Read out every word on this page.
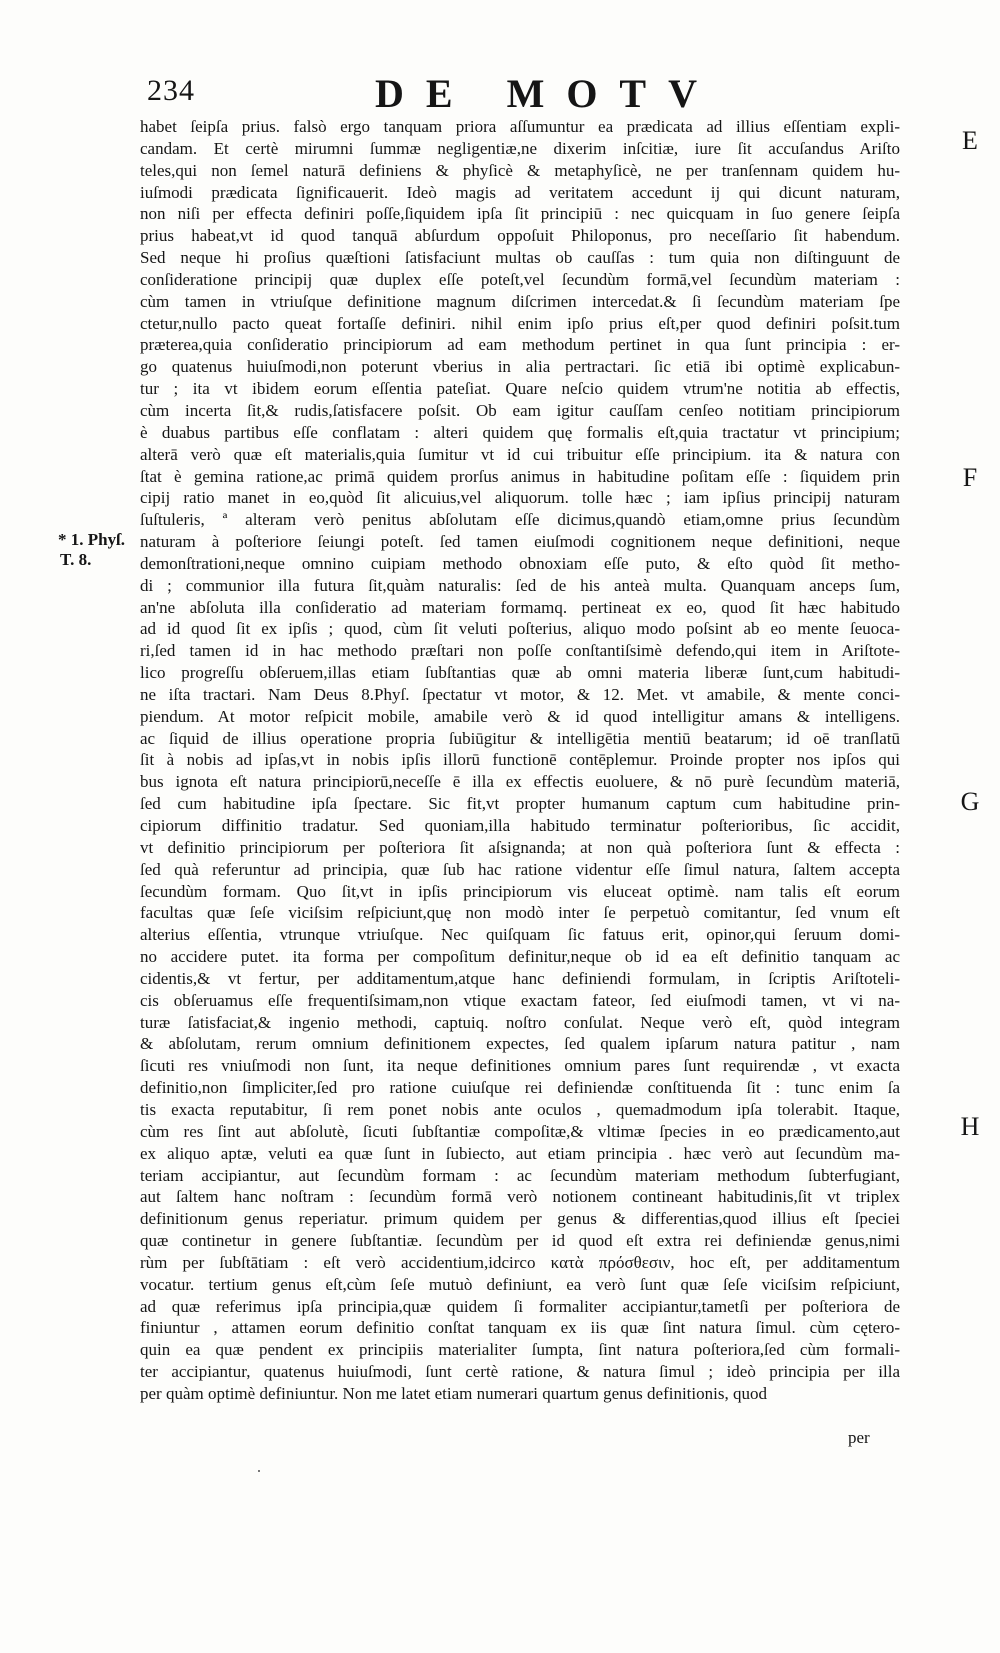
234	DE MOTV
* 1. Phyſ.
T. 8.
E
F
G
H
habet ſeipſa prius. falsò ergo tanquam priora aſſumuntur ea prædicata ad illius eſſentiam expli-
candam. Et certè mirumni ſummæ negligentiæ,ne dixerim inſcitiæ, iure ſit accuſandus Ariſto
teles,qui non ſemel naturā definiens & phyſicè & metaphyſicè, ne per tranſennam quidem hu-
iuſmodi prædicata ſignificauerit. Ideò magis ad veritatem accedunt ij qui dicunt naturam,
non niſi per effecta definiri poſſe,ſiquidem ipſa ſit principiū : nec quicquam in ſuo genere ſeipſa
prius habeat,vt id quod tanquā abſurdum oppoſuit Philoponus, pro neceſſario ſit habendum.
Sed neque hi proſius quæſtioni ſatisfaciunt multas ob cauſſas : tum quia non diſtinguunt de
conſideratione principij quæ duplex eſſe poteſt,vel ſecundùm formā,vel ſecundùm materiam :
cùm tamen in vtriuſque definitione magnum diſcrimen intercedat.& ſi ſecundùm materiam ſpe
ctetur,nullo pacto queat fortaſſe definiri. nihil enim ipſo prius eſt,per quod definiri poſsit.tum
præterea,quia conſideratio principiorum ad eam methodum pertinet in qua ſunt principia : er-
go quatenus huiuſmodi,non poterunt vberius in alia pertractari. ſic etiā ibi optimè explicabun-
tur ; ita vt ibidem eorum eſſentia pateſiat. Quare neſcio quidem vtrum'ne notitia ab effectis,
cùm incerta ſit,& rudis,ſatisfacere poſsit. Ob eam igitur cauſſam cenſeo notitiam principiorum
è duabus partibus eſſe conflatam : alteri quidem quę formalis eſt,quia tractatur vt principium;
alterā verò quæ eſt materialis,quia ſumitur vt id cui tribuitur eſſe principium. ita & natura con
ſtat è gemina ratione,ac primā quidem prorſus animus in habitudine poſitam eſſe : ſiquidem prin
cipij ratio manet in eo,quòd ſit alicuius,vel aliquorum. tolle hæc ; iam ipſius principij naturam
ſuſtuleris, ª alteram verò penitus abſolutam eſſe dicimus,quandò etiam,omne prius ſecundùm
naturam à poſteriore ſeiungi poteſt. ſed tamen eiuſmodi cognitionem neque definitioni, neque
demonſtrationi,neque omnino cuipiam methodo obnoxiam eſſe puto, & eſto quòd ſit metho-
di ; communior illa futura ſit,quàm naturalis: ſed de his anteà multa. Quanquam anceps ſum,
an'ne abſoluta illa conſideratio ad materiam formamq. pertineat ex eo, quod ſit hæc habitudo
ad id quod ſit ex ipſis ; quod, cùm ſit veluti poſterius, aliquo modo poſsint ab eo mente ſeuoca-
ri,ſed tamen id in hac methodo præſtari non poſſe conſtantiſsimè defendo,qui item in Ariſtote-
lico progreſſu obſeruem,illas etiam ſubſtantias quæ ab omni materia liberæ ſunt,cum habitudi-
ne iſta tractari. Nam Deus 8.Phyſ. ſpectatur vt motor, & 12. Met. vt amabile, & mente conci-
piendum. At motor reſpicit mobile, amabile verò & id quod intelligitur amans & intelligens.
ac ſiquid de illius operatione propria ſubiūgitur & intelligētia mentiū beatarum; id oē tranſlatū
ſit à nobis ad ipſas,vt in nobis ipſis illorū functionē contēplemur. Proinde propter nos ipſos qui
bus ignota eſt natura principiorū,neceſſe ē illa ex effectis euoluere, & nō purè ſecundùm materiā,
ſed cum habitudine ipſa ſpectare. Sic fit,vt propter humanum captum cum habitudine prin-
cipiorum diffinitio tradatur. Sed quoniam,illa habitudo terminatur poſterioribus, ſic accidit,
vt definitio principiorum per poſteriora ſit aſsignanda; at non quà poſteriora ſunt & effecta :
ſed quà referuntur ad principia, quæ ſub hac ratione videntur eſſe ſimul natura, ſaltem accepta
ſecundùm formam. Quo ſit,vt in ipſis principiorum vis eluceat optimè. nam talis eſt eorum
facultas quæ ſeſe viciſsim reſpiciunt,quę non modò inter ſe perpetuò comitantur, ſed vnum eſt
alterius eſſentia, vtrunque vtriuſque. Nec quiſquam ſic fatuus erit, opinor,qui ſeruum domi-
no accidere putet. ita forma per compoſitum definitur,neque ob id ea eſt definitio tanquam ac
cidentis,& vt fertur, per additamentum,atque hanc definiendi formulam, in ſcriptis Ariſtoteli-
cis obſeruamus eſſe frequentiſsimam,non vtique exactam fateor, ſed eiuſmodi tamen, vt vi na-
turæ ſatisfaciat,& ingenio methodi, captuiq. noſtro conſulat. Neque verò eſt, quòd integram
& abſolutam, rerum omnium definitionem expectes, ſed qualem ipſarum natura patitur , nam
ſicuti res vniuſmodi non ſunt, ita neque definitiones omnium pares ſunt requirendæ , vt exacta
definitio,non ſimpliciter,ſed pro ratione cuiuſque rei definiendæ conſtituenda ſit : tunc enim ſa
tis exacta reputabitur, ſi rem ponet nobis ante oculos , quemadmodum ipſa tolerabit. Itaque,
cùm res ſint aut abſolutè, ſicuti ſubſtantiæ compoſitæ,& vltimæ ſpecies in eo prædicamento,aut
ex aliquo aptæ, veluti ea quæ ſunt in ſubiecto, aut etiam principia . hæc verò aut ſecundùm ma-
teriam accipiantur, aut ſecundùm formam : ac ſecundùm materiam methodum ſubterfugiant,
aut ſaltem hanc noſtram : ſecundùm formā verò notionem contineant habitudinis,ſit vt triplex
definitionum genus reperiatur. primum quidem per genus & differentias,quod illius eſt ſpeciei
quæ continetur in genere ſubſtantiæ. ſecundùm per id quod eſt extra rei definiendæ genus,nimi
rùm per ſubſtātiam : eſt verò accidentium,idcirco κατὰ πρόσθεσιν, hoc eſt, per additamentum
vocatur. tertium genus eſt,cùm ſeſe mutuò definiunt, ea verò ſunt quæ ſeſe viciſsim reſpiciunt,
ad quæ referimus ipſa principia,quæ quidem ſi formaliter accipiantur,tametſi per poſteriora de
finiuntur , attamen eorum definitio conſtat tanquam ex iis quæ ſint natura ſimul. cùm cętero-
quin ea quæ pendent ex principiis materialiter ſumpta, ſint natura poſteriora,ſed cùm formali-
ter accipiantur, quatenus huiuſmodi, ſunt certè ratione, & natura ſimul ; ideò principia per illa
per quàm optimè definiuntur. Non me latet etiam numerari quartum genus definitionis, quod
per
